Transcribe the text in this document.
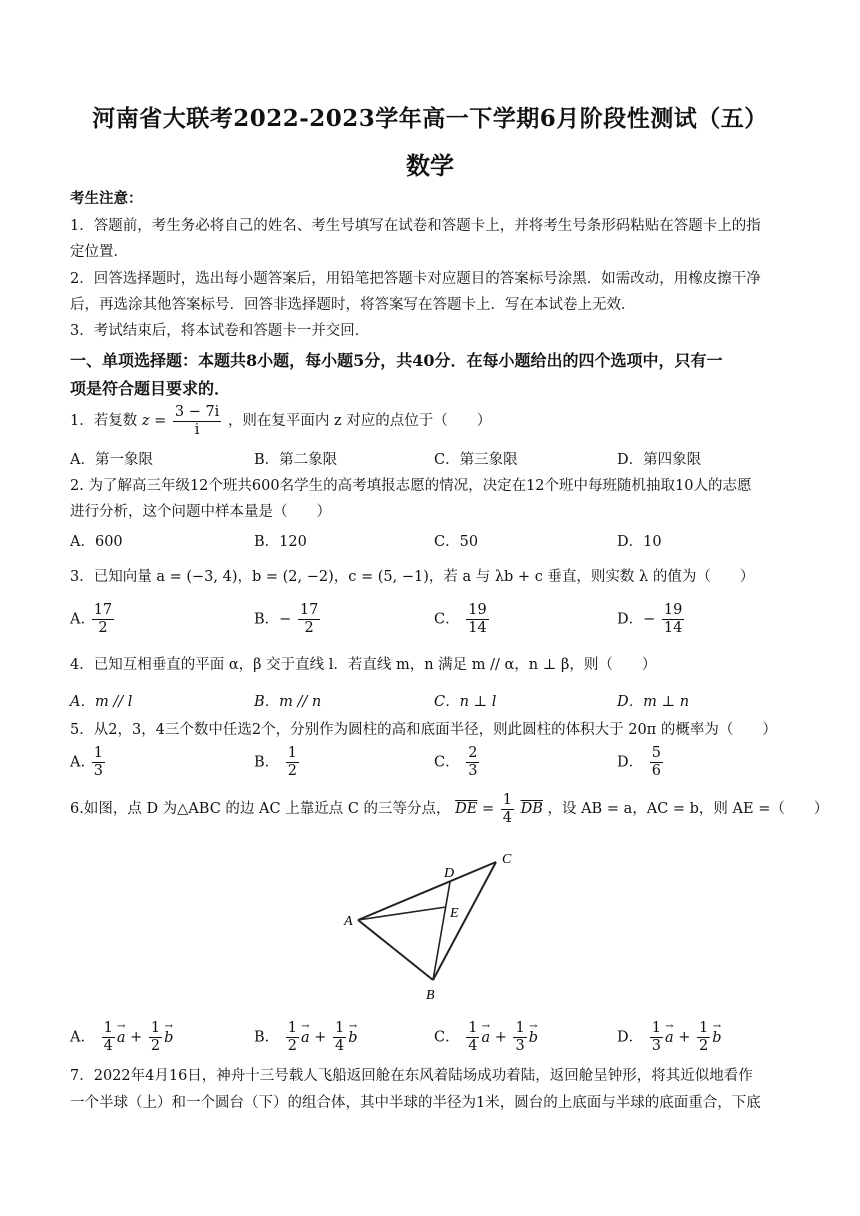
河南省大联考2022-2023学年高一下学期6月阶段性测试（五）
数学
考生注意：
1．答题前，考生务必将自己的姓名、考生号填写在试卷和答题卡上，并将考生号条形码粘贴在答题卡上的指
定位置．
2．回答选择题时，选出每小题答案后，用铅笔把答题卡对应题目的答案标号涂黑．如需改动，用橡皮擦干净
后，再选涂其他答案标号．回答非选择题时，将答案写在答题卡上．写在本试卷上无效．
3．考试结束后，将本试卷和答题卡一并交回．
一、单项选择题：本题共8小题，每小题5分，共40分．在每小题给出的四个选项中，只有一
项是符合题目要求的．
1．若复数 $z = \frac{3 - 7i}{i}$ ，则在复平面内 z 对应的点位于（　　）
A．第一象限	B．第二象限	C．第三象限	D．第四象限
2. 为了解高三年级12个班共600名学生的高考填报志愿的情况，决定在12个班中每班随机抽取10人的志愿
进行分析，这个问题中样本量是（　　）
A．600	B．120	C．50	D．10
3．已知向量 a = (−3, 4)，b = (2, −2)，c = (5, −1)，若 a 与 λb + c 垂直，则实数 λ 的值为（　　）
A. $\frac{17}{2}$	B．− $\frac{17}{2}$	C． $\frac{19}{14}$	D．− $\frac{19}{14}$
4．已知互相垂直的平面 α，β 交于直线 l．若直线 m，n 满足 m // α，n ⊥ β，则（　　）
A．m // l	B．m // n	C．n ⊥ l	D．m ⊥ n
5．从2，3，4三个数中任选2个，分别作为圆柱的高和底面半径，则此圆柱的体积大于 20π 的概率为（　　）
A. $\frac{1}{3}$	B． $\frac{1}{2}$	C． $\frac{2}{3}$	D． $\frac{5}{6}$
6.如图，点 D 为△ABC 的边 AC 上靠近点 C 的三等分点， $\overline{DE} = \frac{1}{4} \overline{DB}$ ，设 AB = a，AC = b，则 AE =（　　）
A
B
C
D
E
A． $\frac{1}{4} \to a + \frac{1}{2} \to b$	B． $\frac{1}{2} \to a + \frac{1}{4} \to b$	C． $\frac{1}{4} \to a + \frac{1}{3} \to b$	D． $\frac{1}{3} \to a + \frac{1}{2} \to b$
7．2022年4月16日，神舟十三号载人飞船返回舱在东风着陆场成功着陆，返回舱呈钟形，将其近似地看作
一个半球（上）和一个圆台（下）的组合体，其中半球的半径为1米，圆台的上底面与半球的底面重合，下底
